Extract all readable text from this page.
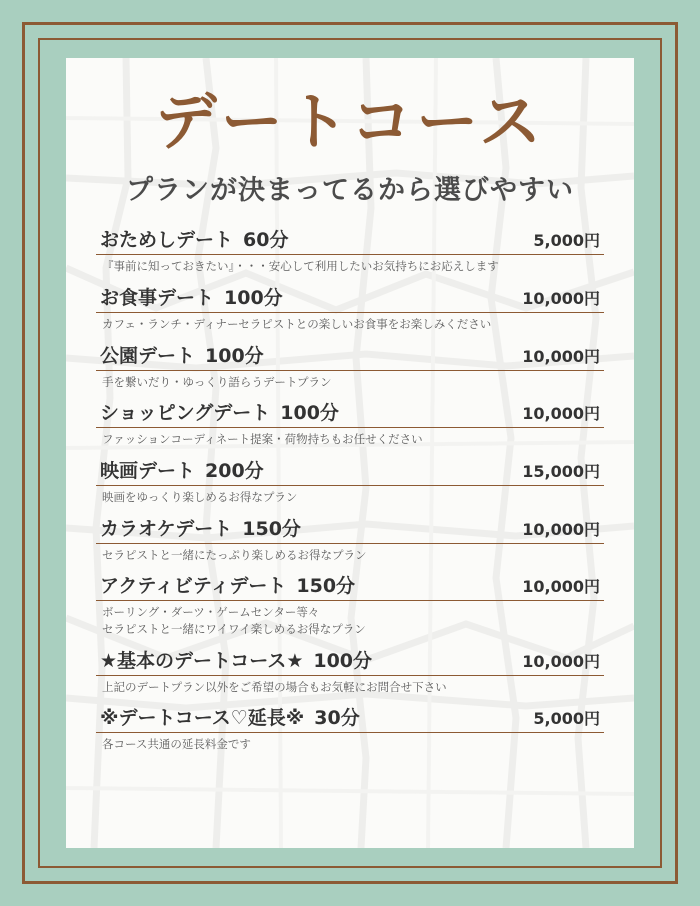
デートコース
プランが決まってるから選びやすい
おためしデート 60分	5,000円
『事前に知っておきたい』・・・安心して利用したいお気持ちにお応えします
お食事デート 100分	10,000円
カフェ・ランチ・ディナーセラピストとの楽しいお食事をお楽しみください
公園デート 100分	10,000円
手を繋いだり・ゆっくり語らうデートプラン
ショッピングデート 100分	10,000円
ファッションコーディネート提案・荷物持ちもお任せください
映画デート 200分	15,000円
映画をゆっくり楽しめるお得なプラン
カラオケデート 150分	10,000円
セラピストと一緒にたっぷり楽しめるお得なプラン
アクティビティデート 150分	10,000円
ボーリング・ダーツ・ゲームセンター等々
セラピストと一緒にワイワイ楽しめるお得なプラン
★基本のデートコース★ 100分	10,000円
上記のデートプラン以外をご希望の場合もお気軽にお問合せ下さい
※デートコース♡延長※ 30分	5,000円
各コース共通の延長料金です
